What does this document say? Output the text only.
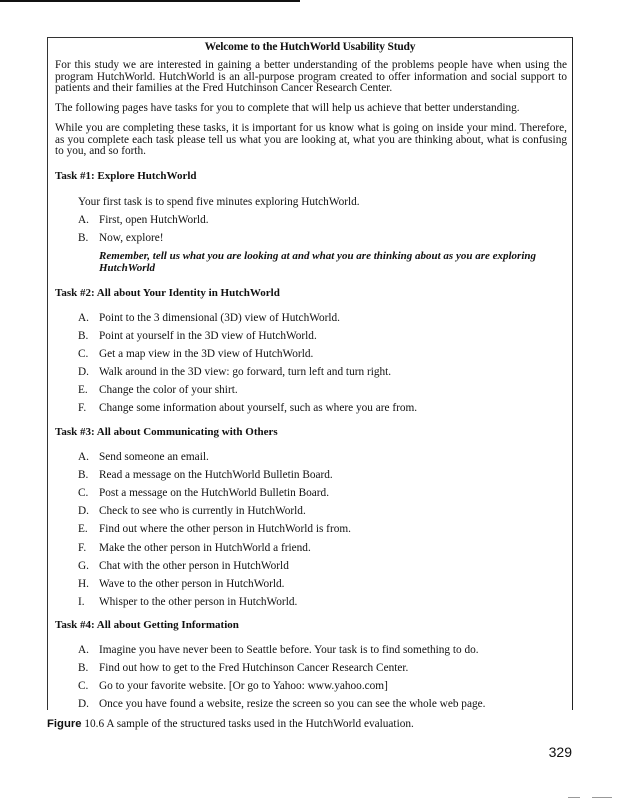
Welcome to the HutchWorld Usability Study
For this study we are interested in gaining a better understanding of the problems people have when using the program HutchWorld. HutchWorld is an all-purpose program created to offer information and social support to patients and their families at the Fred Hutchinson Cancer Research Center.
The following pages have tasks for you to complete that will help us achieve that better understanding.
While you are completing these tasks, it is important for us know what is going on inside your mind. Therefore, as you complete each task please tell us what you are looking at, what you are thinking about, what is confusing to you, and so forth.
Task #1: Explore HutchWorld
Your first task is to spend five minutes exploring HutchWorld.
A. First, open HutchWorld.
B. Now, explore!
Remember, tell us what you are looking at and what you are thinking about as you are exploring HutchWorld
Task #2: All about Your Identity in HutchWorld
A. Point to the 3 dimensional (3D) view of HutchWorld.
B. Point at yourself in the 3D view of HutchWorld.
C. Get a map view in the 3D view of HutchWorld.
D. Walk around in the 3D view: go forward, turn left and turn right.
E. Change the color of your shirt.
F. Change some information about yourself, such as where you are from.
Task #3: All about Communicating with Others
A. Send someone an email.
B. Read a message on the HutchWorld Bulletin Board.
C. Post a message on the HutchWorld Bulletin Board.
D. Check to see who is currently in HutchWorld.
E. Find out where the other person in HutchWorld is from.
F. Make the other person in HutchWorld a friend.
G. Chat with the other person in HutchWorld
H. Wave to the other person in HutchWorld.
I. Whisper to the other person in HutchWorld.
Task #4: All about Getting Information
A. Imagine you have never been to Seattle before. Your task is to find something to do.
B. Find out how to get to the Fred Hutchinson Cancer Research Center.
C. Go to your favorite website. [Or go to Yahoo: www.yahoo.com]
D. Once you have found a website, resize the screen so you can see the whole web page.
Figure 10.6 A sample of the structured tasks used in the HutchWorld evaluation.
329
